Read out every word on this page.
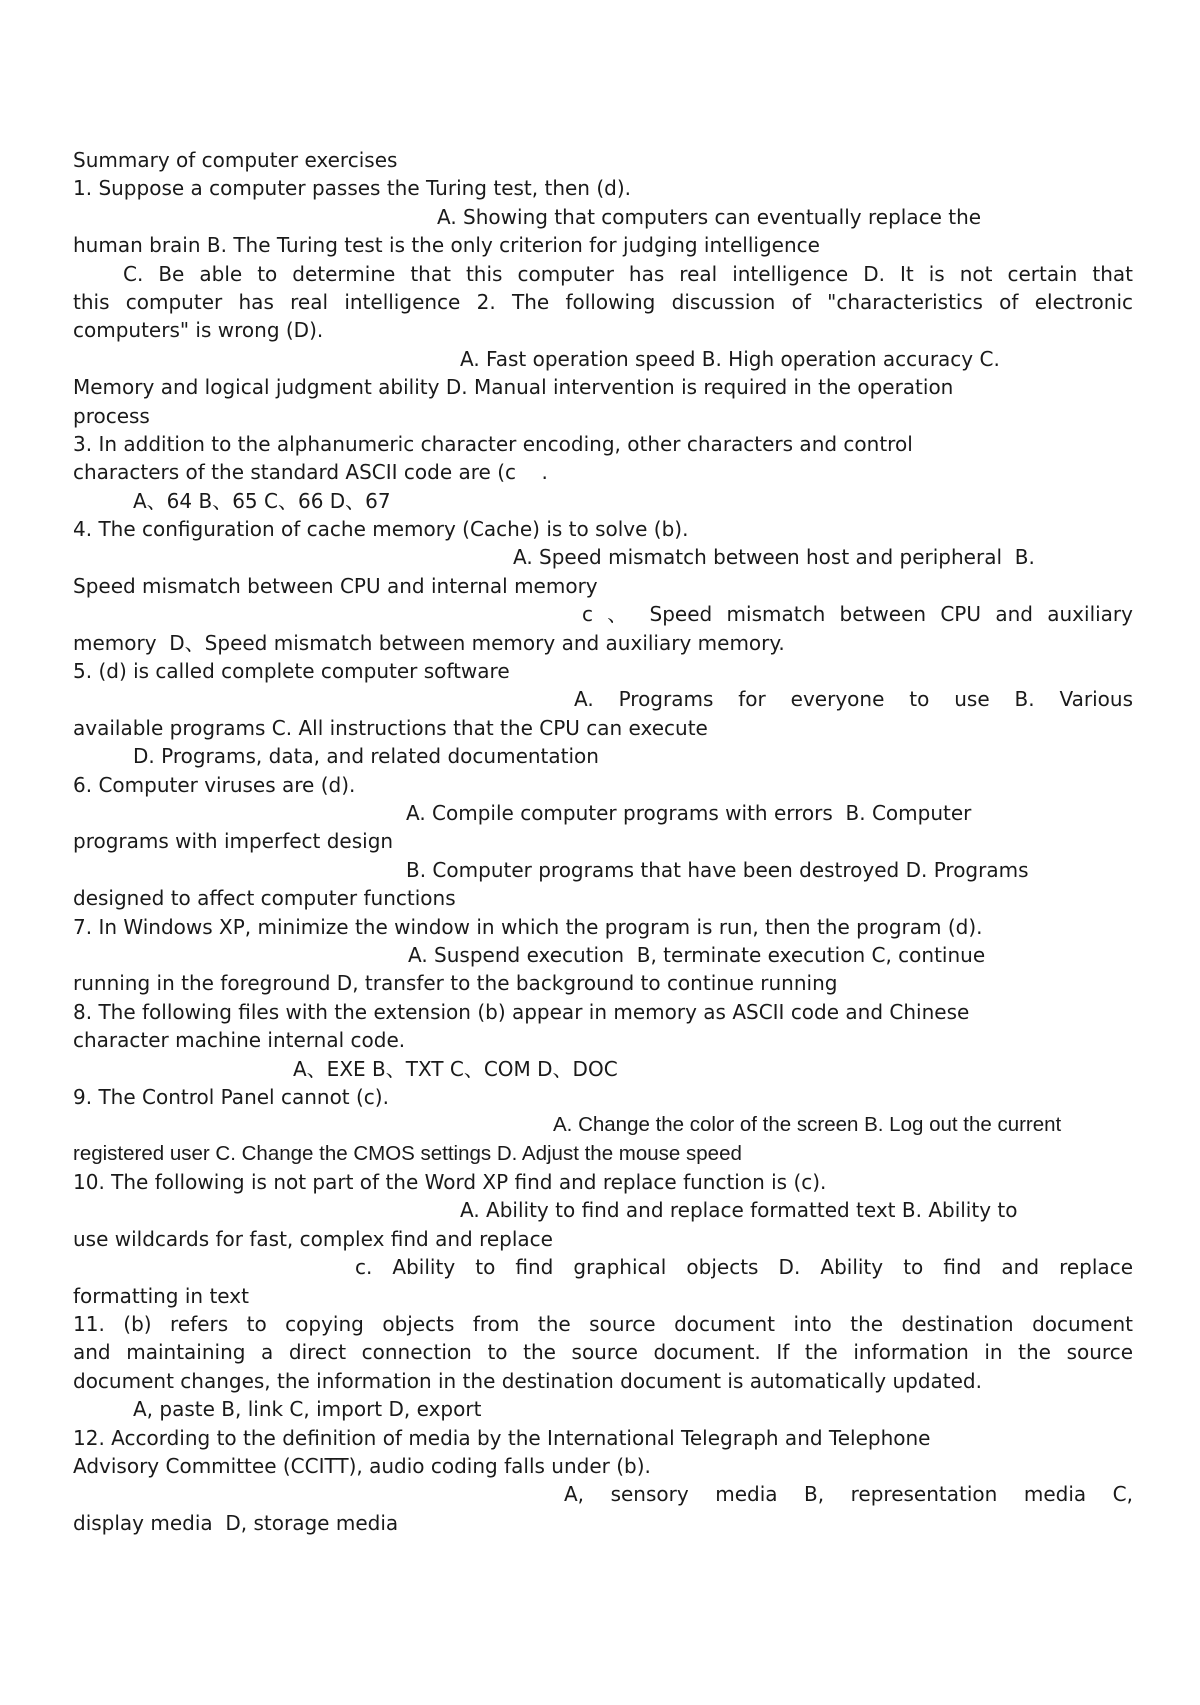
Summary of computer exercises
1. Suppose a computer passes the Turing test, then (d).
A. Showing that computers can eventually replace the
human brain B. The Turing test is the only criterion for judging intelligence
C. Be able to determine that this computer has real intelligence D. It is not certain that
this computer has real intelligence 2. The following discussion of "characteristics of electronic
computers" is wrong (D).
A. Fast operation speed B. High operation accuracy C.
Memory and logical judgment ability D. Manual intervention is required in the operation
process
3. In addition to the alphanumeric character encoding, other characters and control
characters of the standard ASCII code are (c    .
A、64 B、65 C、66 D、67
4. The configuration of cache memory (Cache) is to solve (b).
A. Speed mismatch between host and peripheral  B.
Speed mismatch between CPU and internal memory
c 、 Speed mismatch between CPU and auxiliary
memory  D、Speed mismatch between memory and auxiliary memory.
5. (d) is called complete computer software
A. Programs for everyone to use B. Various
available programs C. All instructions that the CPU can execute
D. Programs, data, and related documentation
6. Computer viruses are (d).
A. Compile computer programs with errors  B. Computer
programs with imperfect design
B. Computer programs that have been destroyed D. Programs
designed to affect computer functions
7. In Windows XP, minimize the window in which the program is run, then the program (d).
A. Suspend execution  B, terminate execution C, continue
running in the foreground D, transfer to the background to continue running
8. The following files with the extension (b) appear in memory as ASCII code and Chinese
character machine internal code.
A、EXE B、TXT C、COM D、DOC
9. The Control Panel cannot (c).
A. Change the color of the screen B. Log out the current
registered user C. Change the CMOS settings D. Adjust the mouse speed
10. The following is not part of the Word XP find and replace function is (c).
A. Ability to find and replace formatted text B. Ability to
use wildcards for fast, complex find and replace
c. Ability to find graphical objects D. Ability to find and replace
formatting in text
11. (b) refers to copying objects from the source document into the destination document
and maintaining a direct connection to the source document. If the information in the source
document changes, the information in the destination document is automatically updated.
A, paste B, link C, import D, export
12. According to the definition of media by the International Telegraph and Telephone
Advisory Committee (CCITT), audio coding falls under (b).
A, sensory media B, representation media C,
display media  D, storage media
